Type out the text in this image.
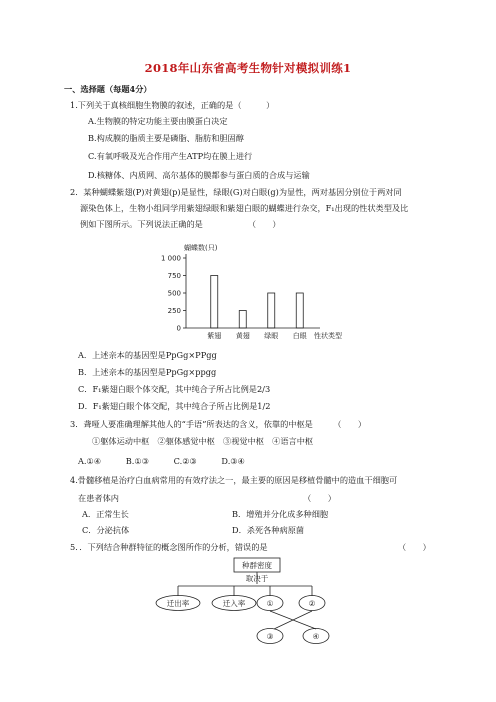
2018年山东省高考生物针对模拟训练1
一、选择题（每题4分）
1.下列关于真核细胞生物膜的叙述，正确的是（　　　）
A.生物膜的特定功能主要由膜蛋白决定
B.构成膜的脂质主要是磷脂、脂肪和胆固醇
C.有氧呼吸及光合作用产生ATP均在膜上进行
D.核糖体、内质网、高尔基体的膜都参与蛋白质的合成与运输
2．某种蝴蝶紫翅(P)对黄翅(p)是显性，绿眼(G)对白眼(g)为显性，两对基因分别位于两对同
源染色体上，生物小组同学用紫翅绿眼和紫翅白眼的蝴蝶进行杂交，F₁出现的性状类型及比
例如下图所示。下列说法正确的是　　　　　　（　　）
蝴蝶数(只)
0
250
500
750
1 000
紫翅 黄翅 绿眼 白眼 性状类型
A．上述亲本的基因型是PpGg×PPgg
B．上述亲本的基因型是PpGg×ppgg
C．F₁紫翅白眼个体交配，其中纯合子所占比例是2/3
D．F₁紫翅白眼个体交配，其中纯合子所占比例是1/2
3．聋哑人要准确理解其他人的“手语”所表达的含义，依靠的中枢是　　　（　　）
①躯体运动中枢　②躯体感觉中枢　③视觉中枢　④语言中枢
A.①④　　　B.①③　　　C.②③　　　D.③④
4.骨髓移植是治疗白血病常用的有效疗法之一，最主要的原因是移植骨髓中的造血干细胞可
在患者体内　　　　　　　　　　　　　　　　　　　　　　　（　　）
A．正常生长	B．增殖并分化成多种细胞
C．分泌抗体	D．杀死各种病原菌
5．．下列结合种群特征的概念图所作的分析，错误的是	（　　）
种群密度
取决于
迁出率	迁入率	①	②
③	④
